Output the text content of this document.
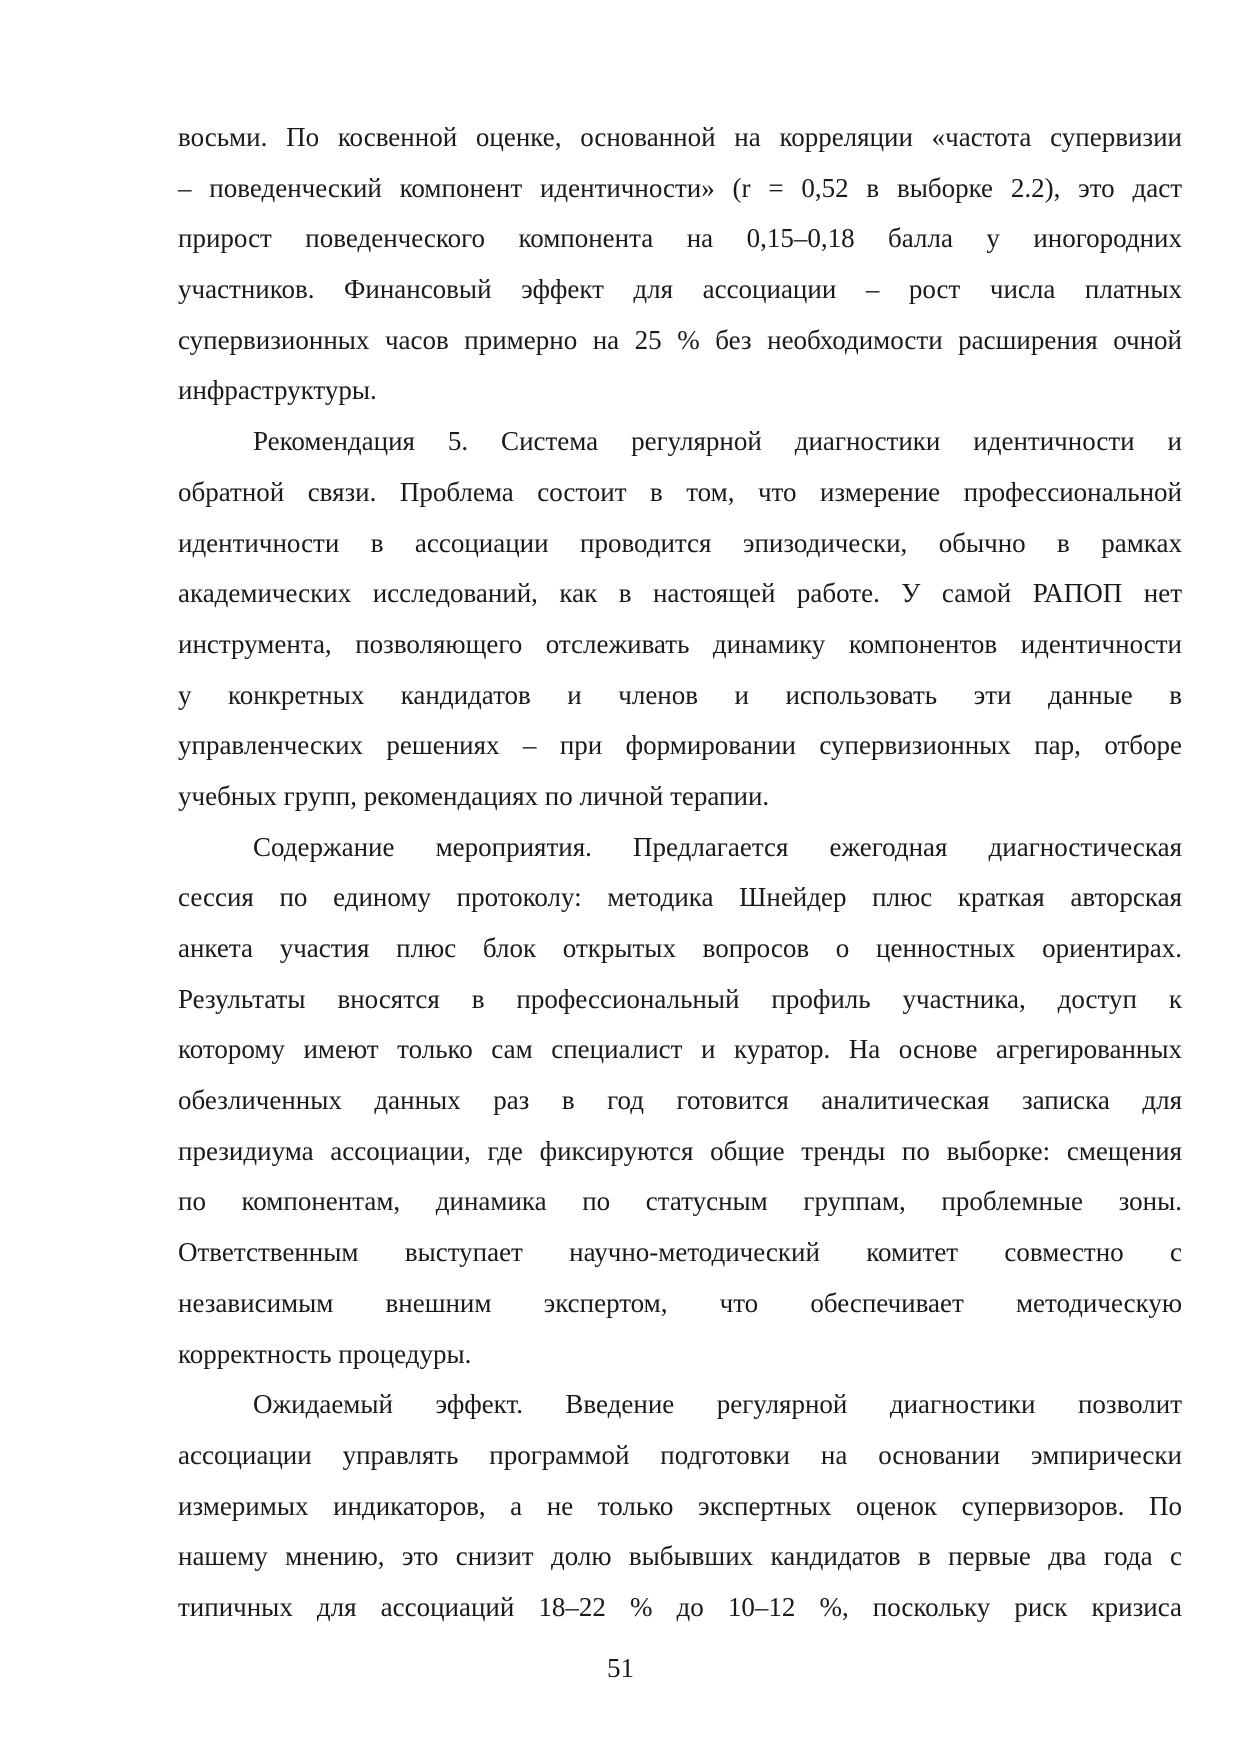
восьми. По косвенной оценке, основанной на корреляции «частота супервизии
– поведенческий компонент идентичности» (r = 0,52 в выборке 2.2), это даст
прирост поведенческого компонента на 0,15–0,18 балла у иногородних
участников. Финансовый эффект для ассоциации – рост числа платных
супервизионных часов примерно на 25 % без необходимости расширения очной
инфраструктуры.
Рекомендация 5. Система регулярной диагностики идентичности и
обратной связи. Проблема состоит в том, что измерение профессиональной
идентичности в ассоциации проводится эпизодически, обычно в рамках
академических исследований, как в настоящей работе. У самой РАПОП нет
инструмента, позволяющего отслеживать динамику компонентов идентичности
у конкретных кандидатов и членов и использовать эти данные в
управленческих решениях – при формировании супервизионных пар, отборе
учебных групп, рекомендациях по личной терапии.
Содержание мероприятия. Предлагается ежегодная диагностическая
сессия по единому протоколу: методика Шнейдер плюс краткая авторская
анкета участия плюс блок открытых вопросов о ценностных ориентирах.
Результаты вносятся в профессиональный профиль участника, доступ к
которому имеют только сам специалист и куратор. На основе агрегированных
обезличенных данных раз в год готовится аналитическая записка для
президиума ассоциации, где фиксируются общие тренды по выборке: смещения
по компонентам, динамика по статусным группам, проблемные зоны.
Ответственным выступает научно-методический комитет совместно с
независимым внешним экспертом, что обеспечивает методическую
корректность процедуры.
Ожидаемый эффект. Введение регулярной диагностики позволит
ассоциации управлять программой подготовки на основании эмпирически
измеримых индикаторов, а не только экспертных оценок супервизоров. По
нашему мнению, это снизит долю выбывших кандидатов в первые два года с
типичных для ассоциаций 18–22 % до 10–12 %, поскольку риск кризиса
51
